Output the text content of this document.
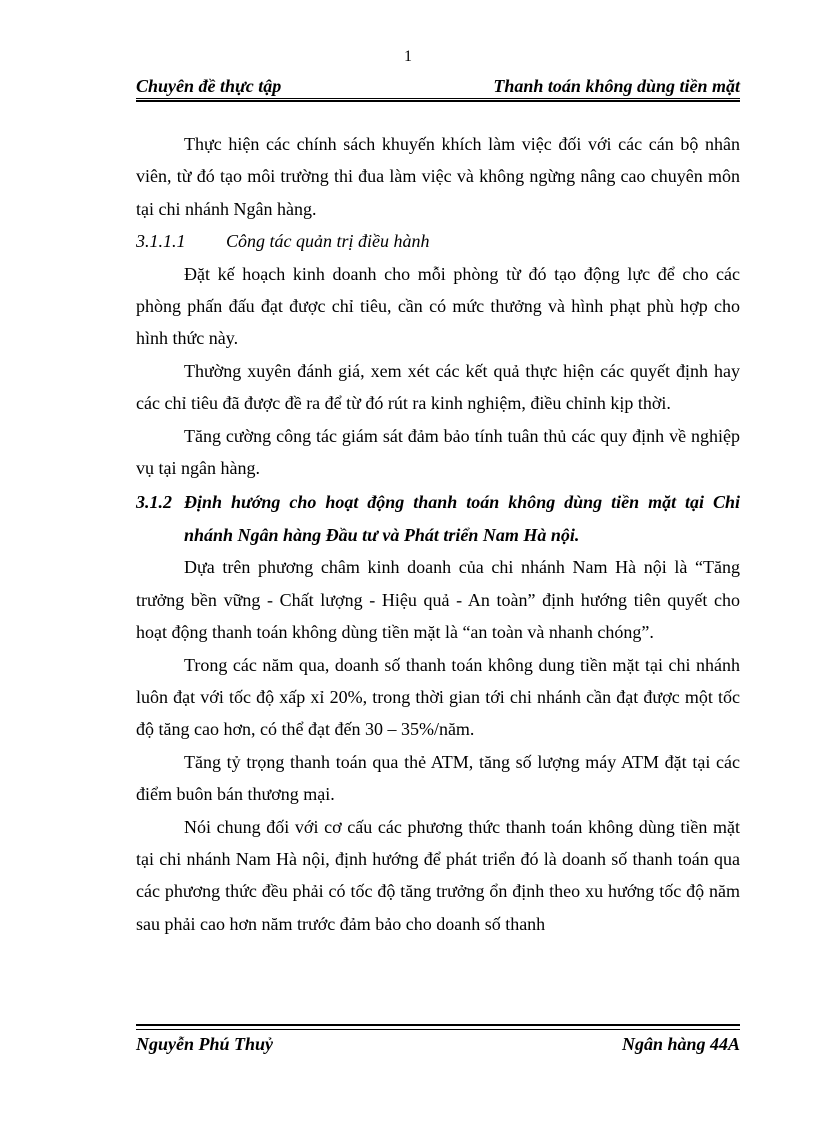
1
Chuyên đề thực tập	Thanh toán không dùng tiền mặt

Thực hiện các chính sách khuyến khích làm việc đối với các cán bộ nhân viên, từ đó tạo môi trường thi đua làm việc và không ngừng nâng cao chuyên môn tại chi nhánh Ngân hàng.

3.1.1.1	Công tác quản trị điều hành

Đặt kế hoạch kinh doanh cho mỗi phòng từ đó tạo động lực để cho các phòng phấn đấu đạt được chỉ tiêu, cần có mức thưởng và hình phạt phù hợp cho hình thức này.

Thường xuyên đánh giá, xem xét các kết quả thực hiện các quyết định hay các chỉ tiêu đã được đề ra để từ đó rút ra kinh nghiệm, điều chỉnh kịp thời.

Tăng cường công tác giám sát đảm bảo tính tuân thủ các quy định về nghiệp vụ tại ngân hàng.

3.1.2 Định hướng cho hoạt động thanh toán không dùng tiền mặt tại Chi nhánh Ngân hàng Đầu tư và Phát triển Nam Hà nội.

Dựa trên phương châm kinh doanh của chi nhánh Nam Hà nội là “Tăng trưởng bền vững - Chất lượng - Hiệu quả - An toàn” định hướng tiên quyết cho hoạt động thanh toán không dùng tiền mặt là “an toàn và nhanh chóng”.

Trong các năm qua, doanh số thanh toán không dung tiền mặt tại chi nhánh luôn đạt với tốc độ xấp xỉ 20%, trong thời gian tới chi nhánh cần đạt được một tốc độ tăng cao hơn, có thể đạt đến 30 – 35%/năm.

Tăng tỷ trọng thanh toán qua thẻ ATM, tăng số lượng máy ATM đặt tại các điểm buôn bán thương mại.

Nói chung đối với cơ cấu các phương thức thanh toán không dùng tiền mặt tại chi nhánh Nam Hà nội, định hướng để phát triển đó là doanh số thanh toán qua các phương thức đều phải có tốc độ tăng trưởng ổn định theo xu hướng tốc độ năm sau phải cao hơn năm trước đảm bảo cho doanh số thanh

Nguyễn Phú Thuỷ	Ngân hàng 44A
